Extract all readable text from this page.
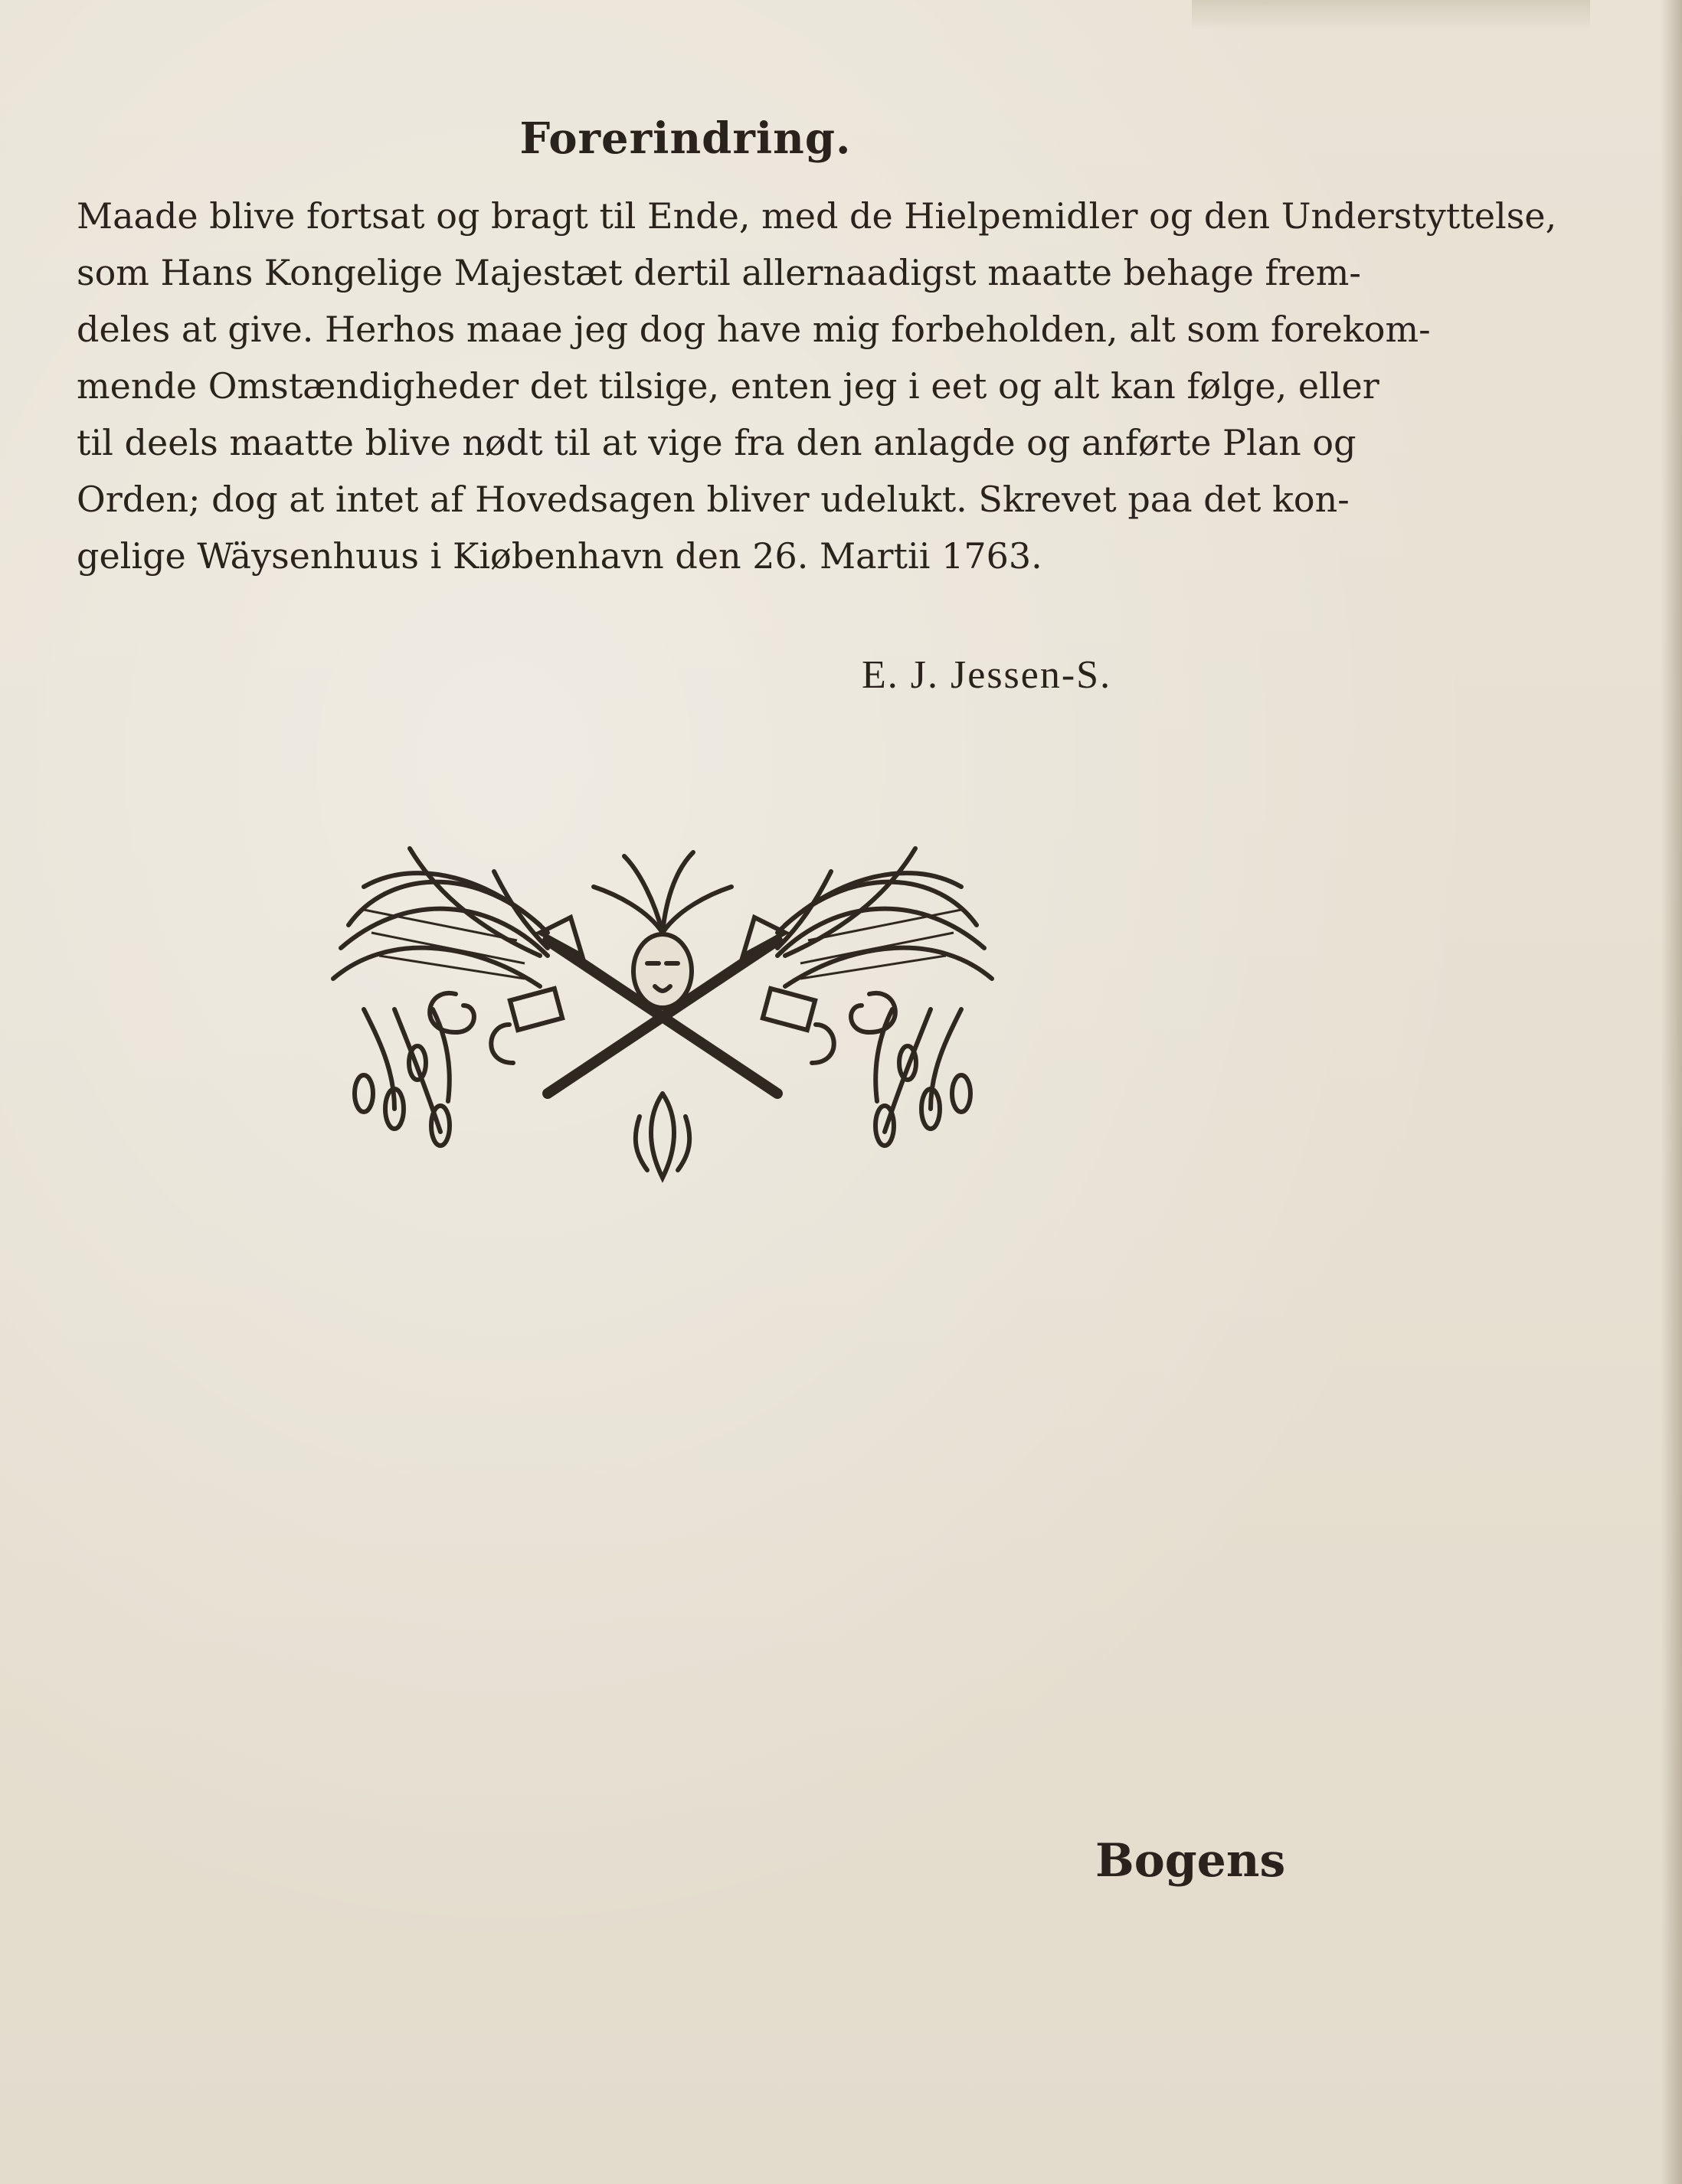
Forerindring.
Maade blive fortsat og bragt til Ende, med de Hielpemidler og den Understyttelse,
som Hans Kongelige Majestæt dertil allernaadigst maatte behage frem-
deles at give. Herhos maae jeg dog have mig forbeholden, alt som forekom-
mende Omstændigheder det tilsige, enten jeg i eet og alt kan følge, eller
til deels maatte blive nødt til at vige fra den anlagde og anførte Plan og
Orden; dog at intet af Hovedsagen bliver udelukt. Skrevet paa det kon-
gelige Wäysenhuus i Kiøbenhavn den 26. Martii 1763.
E. J. Jessen-S.
Bogens
